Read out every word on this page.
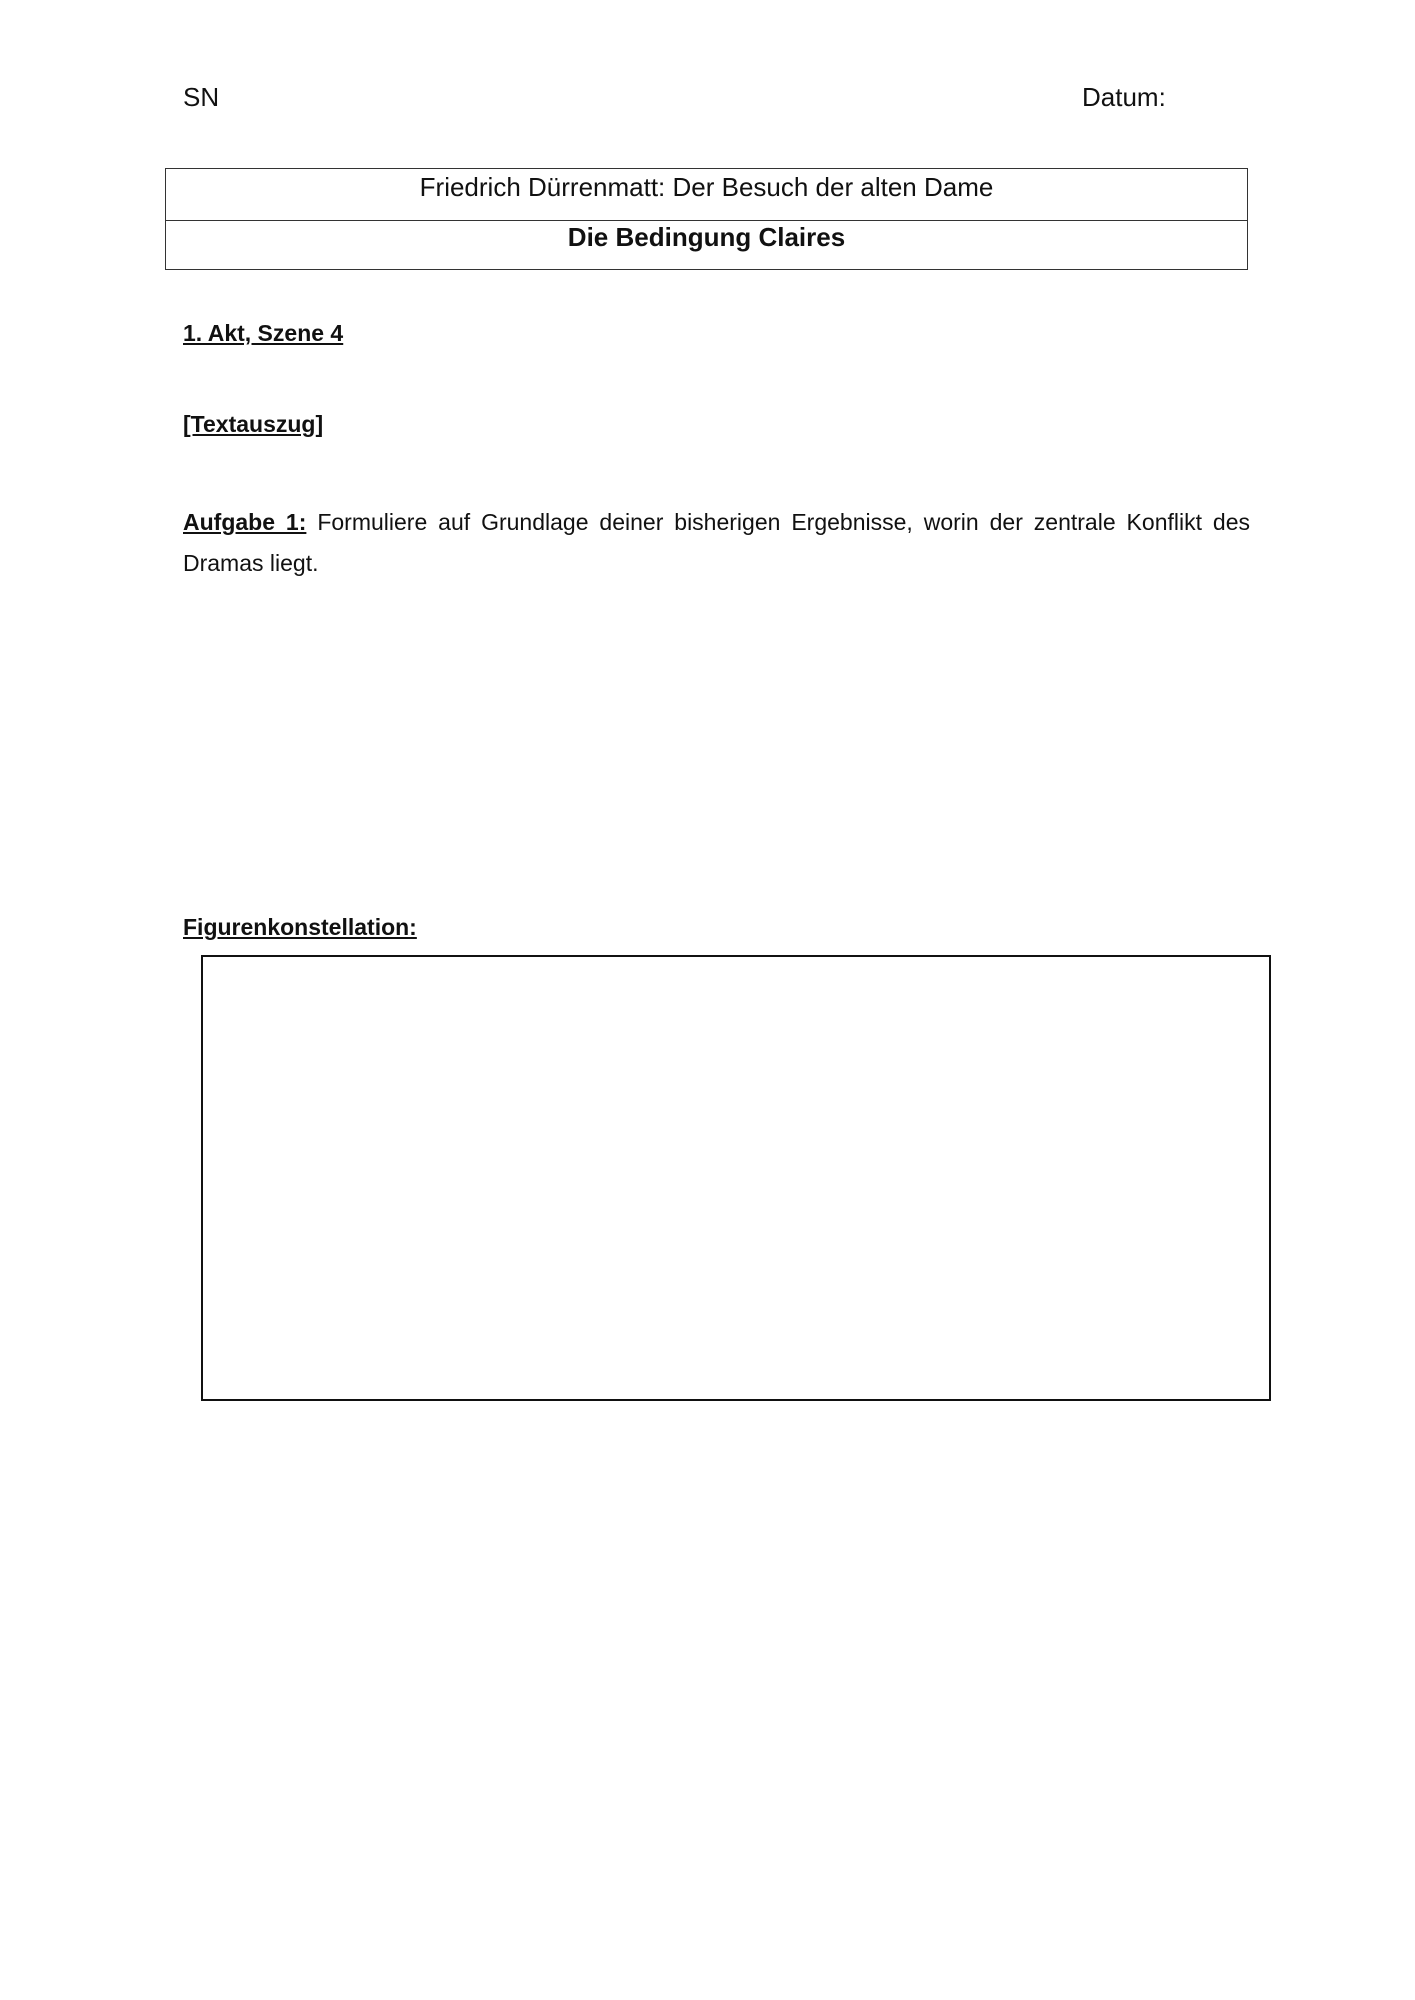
SN	Datum:
Friedrich Dürrenmatt: Der Besuch der alten Dame
Die Bedingung Claires
1. Akt, Szene 4
[Textauszug]
Aufgabe 1: Formuliere auf Grundlage deiner bisherigen Ergebnisse, worin der zentrale Konflikt des Dramas liegt.
Figurenkonstellation:
